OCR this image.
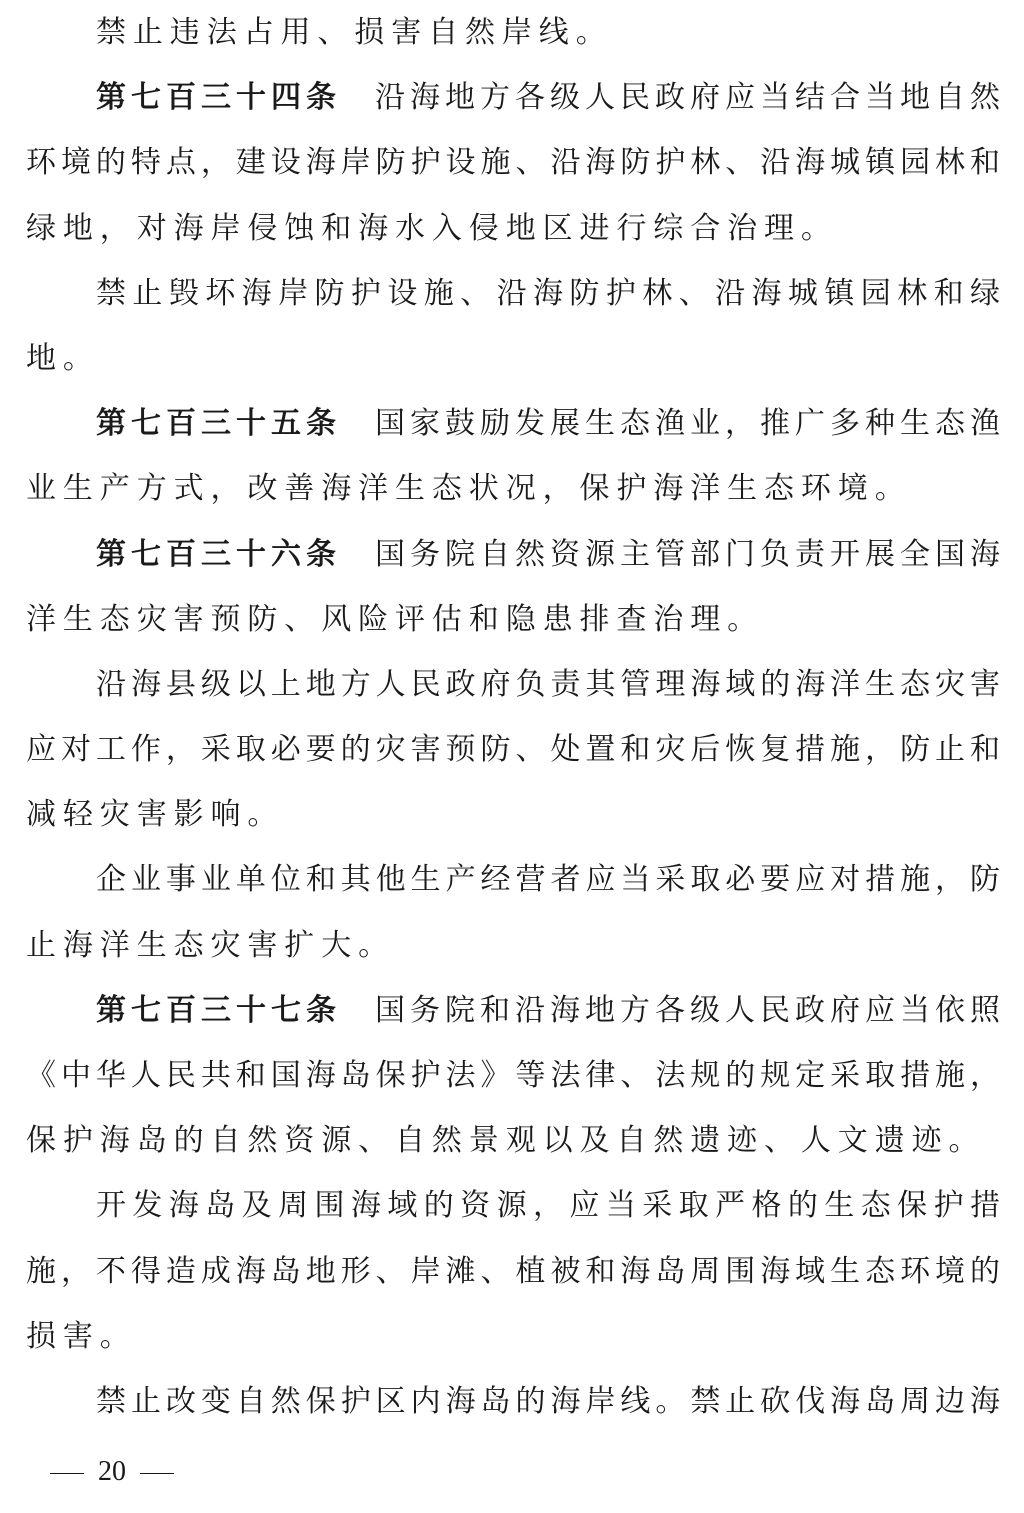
禁止违法占用、损害自然岸线。
第七百三十四条 沿海地方各级人民政府应当结合当地自然
环境的特点，建设海岸防护设施、沿海防护林、沿海城镇园林和
绿地，对海岸侵蚀和海水入侵地区进行综合治理。
禁止毁坏海岸防护设施、沿海防护林、沿海城镇园林和绿
地。
第七百三十五条 国家鼓励发展生态渔业，推广多种生态渔
业生产方式，改善海洋生态状况，保护海洋生态环境。
第七百三十六条 国务院自然资源主管部门负责开展全国海
洋生态灾害预防、风险评估和隐患排查治理。
沿海县级以上地方人民政府负责其管理海域的海洋生态灾害
应对工作，采取必要的灾害预防、处置和灾后恢复措施，防止和
减轻灾害影响。
企业事业单位和其他生产经营者应当采取必要应对措施，防
止海洋生态灾害扩大。
第七百三十七条 国务院和沿海地方各级人民政府应当依照
《中华人民共和国海岛保护法》等法律、法规的规定采取措施，
保护海岛的自然资源、自然景观以及自然遗迹、人文遗迹。
开发海岛及周围海域的资源，应当采取严格的生态保护措
施，不得造成海岛地形、岸滩、植被和海岛周围海域生态环境的
损害。
禁止改变自然保护区内海岛的海岸线。禁止砍伐海岛周边海
20
